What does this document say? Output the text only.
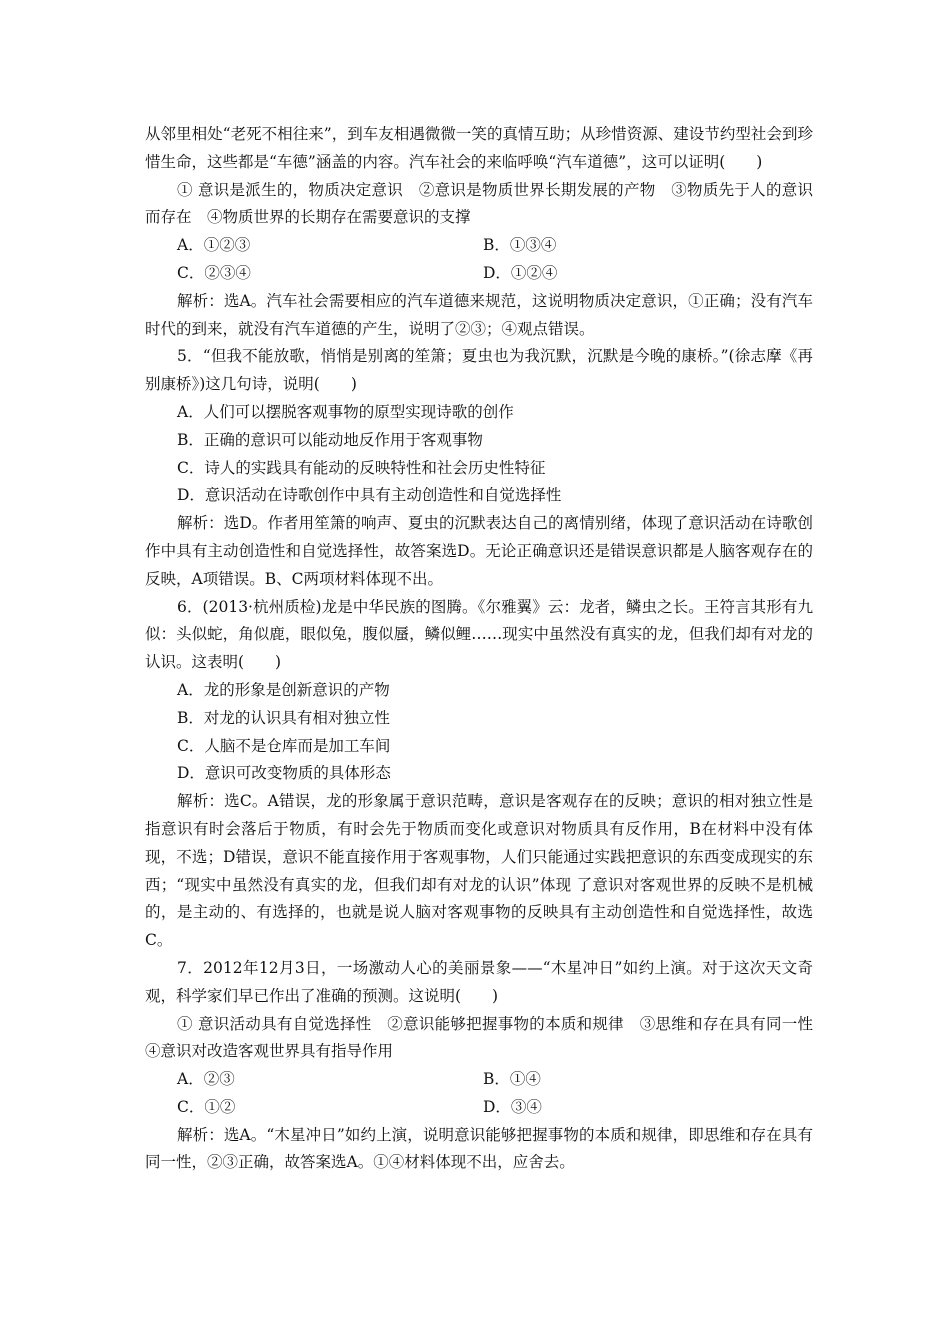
从邻里相处“老死不相往来”，到车友相遇微微一笑的真情互助；从珍惜资源、建设节约型社会到珍惜生命，这些都是“车德”涵盖的内容。汽车社会的来临呼唤“汽车道德”，这可以证明(　　)

① 意识是派生的，物质决定意识　②意识是物质世界长期发展的产物　③物质先于人的意识而存在　④物质世界的长期存在需要意识的支撑

A．①②③	B．①③④
C．②③④	D．①②④

解析：选A。汽车社会需要相应的汽车道德来规范，这说明物质决定意识，①正确；没有汽车时代的到来，就没有汽车道德的产生，说明了②③；④观点错误。

5．“但我不能放歌，悄悄是别离的笙箫；夏虫也为我沉默，沉默是今晚的康桥。”(徐志摩《再别康桥》)这几句诗，说明(　　)

A．人们可以摆脱客观事物的原型实现诗歌的创作

B．正确的意识可以能动地反作用于客观事物

C．诗人的实践具有能动的反映特性和社会历史性特征

D．意识活动在诗歌创作中具有主动创造性和自觉选择性

解析：选D。作者用笙箫的响声、夏虫的沉默表达自己的离情别绪，体现了意识活动在诗歌创作中具有主动创造性和自觉选择性，故答案选D。无论正确意识还是错误意识都是人脑客观存在的反映，A项错误。B、C两项材料体现不出。

6．(2013·杭州质检)龙是中华民族的图腾。《尔雅翼》云：龙者，鳞虫之长。王符言其形有九似：头似蛇，角似鹿，眼似兔，腹似蜃，鳞似鲤……现实中虽然没有真实的龙，但我们却有对龙的认识。这表明(　　)

A．龙的形象是创新意识的产物

B．对龙的认识具有相对独立性

C．人脑不是仓库而是加工车间

D．意识可改变物质的具体形态

解析：选C。A错误，龙的形象属于意识范畴，意识是客观存在的反映；意识的相对独立性是指意识有时会落后于物质，有时会先于物质而变化或意识对物质具有反作用，B在材料中没有体现，不选；D错误，意识不能直接作用于客观事物，人们只能通过实践把意识的东西变成现实的东西；“现实中虽然没有真实的龙，但我们却有对龙的认识”体现 了意识对客观世界的反映不是机械的，是主动的、有选择的，也就是说人脑对客观事物的反映具有主动创造性和自觉选择性，故选C。

7．2012年12月3日，一场激动人心的美丽景象——“木星冲日”如约上演。对于这次天文奇观，科学家们早已作出了准确的预测。这说明(　　)

① 意识活动具有自觉选择性　②意识能够把握事物的本质和规律　③思维和存在具有同一性　④意识对改造客观世界具有指导作用

A．②③	B．①④
C．①②	D．③④

解析：选A。“木星冲日”如约上演，说明意识能够把握事物的本质和规律，即思维和存在具有同一性，②③正确，故答案选A。①④材料体现不出，应舍去。
